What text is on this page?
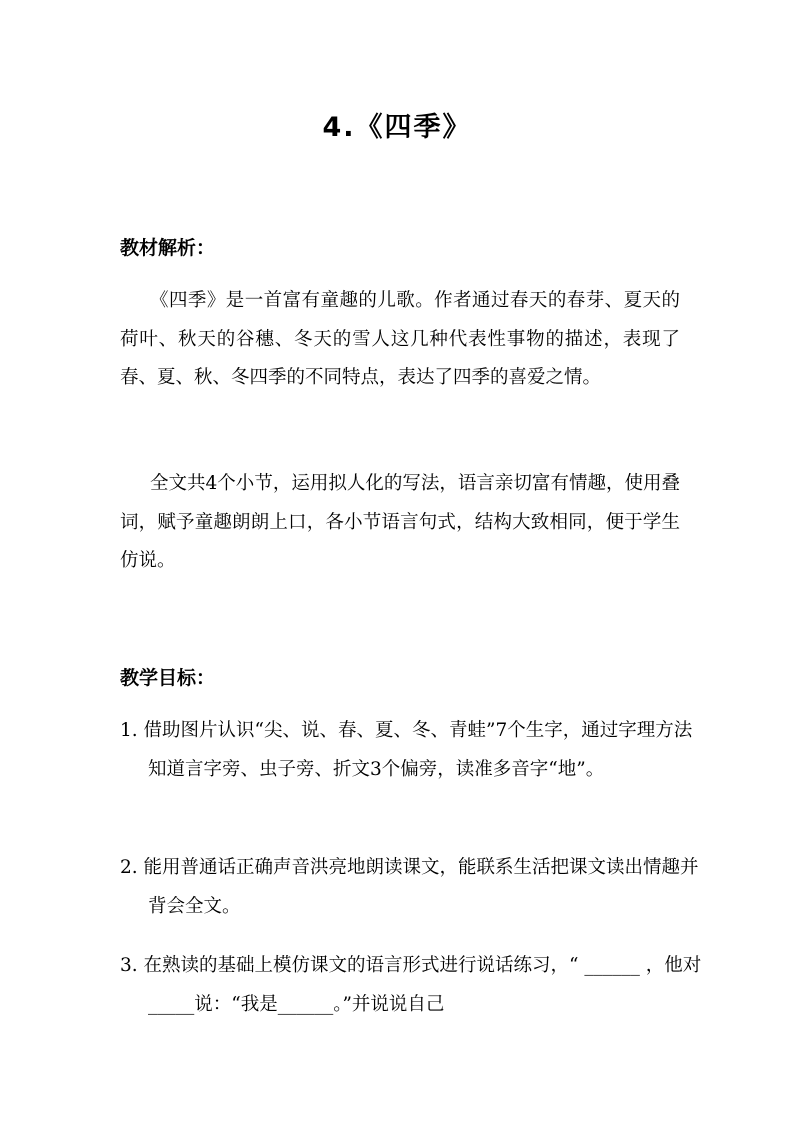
4.《四季》
教材解析：
《四季》是一首富有童趣的儿歌。作者通过春天的春芽、夏天的荷叶、秋天的谷穗、冬天的雪人这几种代表性事物的描述，表现了春、夏、秋、冬四季的不同特点，表达了四季的喜爱之情。
全文共4个小节，运用拟人化的写法，语言亲切富有情趣，使用叠词，赋予童趣朗朗上口，各小节语言句式，结构大致相同，便于学生仿说。
教学目标：
1. 借助图片认识“尖、说、春、夏、冬、青蛙”7个生字，通过字理方法知道言字旁、虫子旁、折文3个偏旁，读准多音字“地”。
2. 能用普通话正确声音洪亮地朗读课文，能联系生活把课文读出情趣并背会全文。
3. 在熟读的基础上模仿课文的语言形式进行说话练习，“ ______ ，他对_____说：“我是______。”并说说自己
